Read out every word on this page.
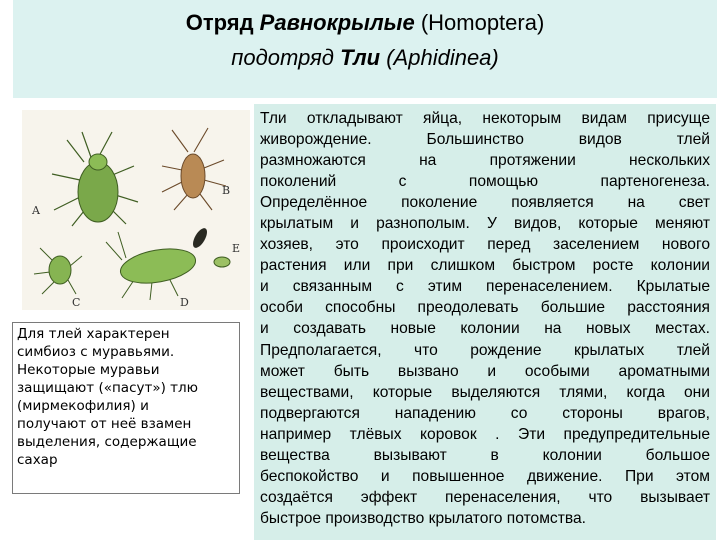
Отряд Равнокрылые (Homoptera)
подотряд Тли (Aphidinea)
A
B
C	D
E
Для тлей характерен
симбиоз с муравьями.
Некоторые муравьи
защищают («пасут») тлю
(мирмекофилия) и
получают от неё взамен
выделения, содержащие
сахар
Тли откладывают яйца, некоторым видам присуще
живорождение. Большинство видов тлей
размножаются на протяжении нескольких
поколений с помощью партеногенеза.
Определённое поколение появляется на свет
крылатым и разнополым. У видов, которые меняют
хозяев, это происходит перед заселением нового
растения или при слишком быстром росте колонии
и связанным с этим перенаселением. Крылатые
особи способны преодолевать большие расстояния
и создавать новые колонии на новых местах.
Предполагается, что рождение крылатых тлей
может быть вызвано и особыми ароматными
веществами, которые выделяются тлями, когда они
подвергаются нападению со стороны врагов,
например тлёвых коровок . Эти предупредительные
вещества вызывают в колонии большое
беспокойство и повышенное движение. При этом
создаётся эффект перенаселения, что вызывает
быстрое производство крылатого потомства.
